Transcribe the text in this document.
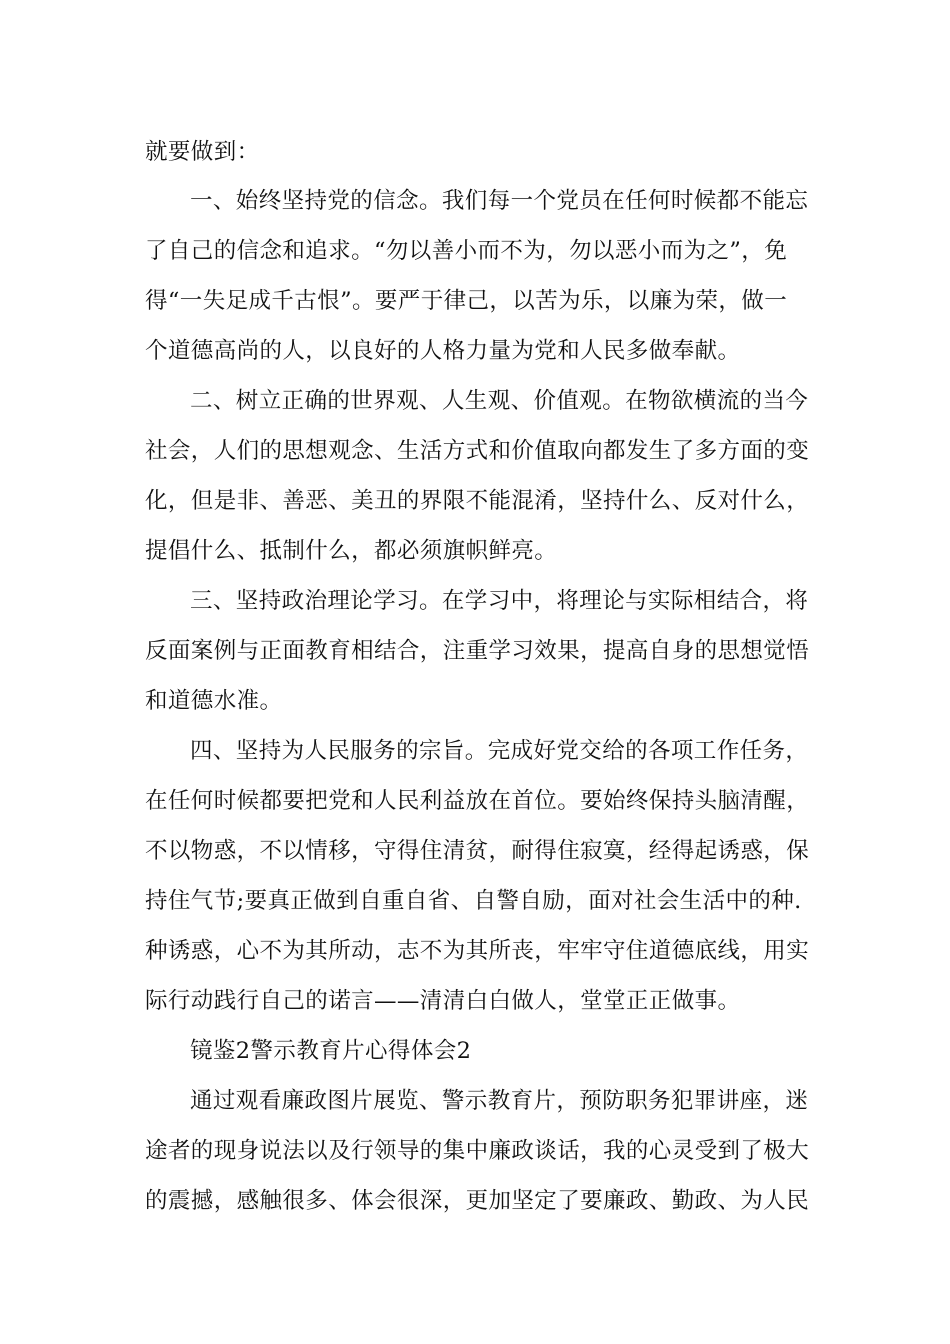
就要做到：
一、始终坚持党的信念。我们每一个党员在任何时候都不能忘
了自己的信念和追求。“勿以善小而不为，勿以恶小而为之”，免
得“一失足成千古恨”。要严于律己，以苦为乐，以廉为荣，做一
个道德高尚的人，以良好的人格力量为党和人民多做奉献。
二、树立正确的世界观、人生观、价值观。在物欲横流的当今
社会，人们的思想观念、生活方式和价值取向都发生了多方面的变
化，但是非、善恶、美丑的界限不能混淆，坚持什么、反对什么，
提倡什么、抵制什么，都必须旗帜鲜亮。
三、坚持政治理论学习。在学习中，将理论与实际相结合，将
反面案例与正面教育相结合，注重学习效果，提高自身的思想觉悟
和道德水准。
四、坚持为人民服务的宗旨。完成好党交给的各项工作任务，
在任何时候都要把党和人民利益放在首位。要始终保持头脑清醒，
不以物惑，不以情移，守得住清贫，耐得住寂寞，经得起诱惑，保
持住气节;要真正做到自重自省、自警自励，面对社会生活中的种.
种诱惑，心不为其所动，志不为其所丧，牢牢守住道德底线，用实
际行动践行自己的诺言——清清白白做人，堂堂正正做事。
镜鉴2警示教育片心得体会2
通过观看廉政图片展览、警示教育片，预防职务犯罪讲座，迷
途者的现身说法以及行领导的集中廉政谈话，我的心灵受到了极大
的震撼，感触很多、体会很深，更加坚定了要廉政、勤政、为人民
